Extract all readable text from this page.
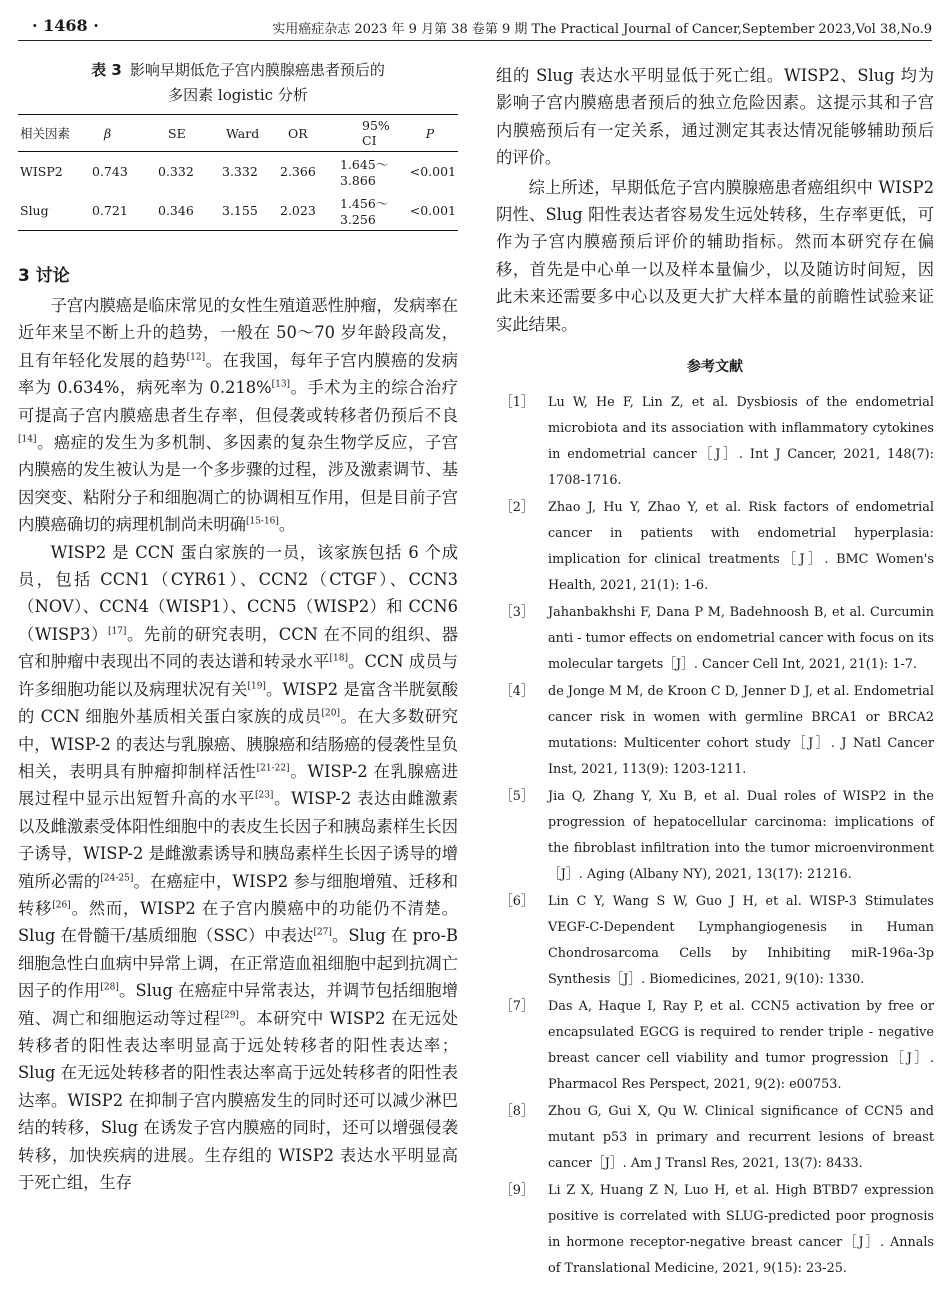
· 1468 ·	实用癌症杂志 2023 年 9 月第 38 卷第 9 期 The Practical Journal of Cancer,September 2023,Vol 38,No.9
表 3 影响早期低危子宫内膜腺癌患者预后的
多因素 logistic 分析
相关因素	β	SE	Ward	OR	95% CI	P
WISP2	0.743	0.332	3.332	2.366	1.645～3.866	<0.001
Slug	0.721	0.346	3.155	2.023	1.456～3.256	<0.001
3 讨论

子宫内膜癌是临床常见的女性生殖道恶性肿瘤，发病率在近年来呈不断上升的趋势，一般在 50～70 岁年龄段高发，且有年轻化发展的趋势[12]。在我国，每年子宫内膜癌的发病率为 0.634%，病死率为 0.218%[13]。手术为主的综合治疗可提高子宫内膜癌患者生存率，但侵袭或转移者仍预后不良[14]。癌症的发生为多机制、多因素的复杂生物学反应，子宫内膜癌的发生被认为是一个多步骤的过程，涉及激素调节、基因突变、粘附分子和细胞凋亡的协调相互作用，但是目前子宫内膜癌确切的病理机制尚未明确[15-16]。

WISP2 是 CCN 蛋白家族的一员，该家族包括 6 个成员，包括 CCN1（CYR61）、CCN2（CTGF）、CCN3（NOV）、CCN4（WISP1）、CCN5（WISP2）和 CCN6（WISP3）[17]。先前的研究表明，CCN 在不同的组织、器官和肿瘤中表现出不同的表达谱和转录水平[18]。CCN 成员与许多细胞功能以及病理状况有关[19]。WISP2 是富含半胱氨酸的 CCN 细胞外基质相关蛋白家族的成员[20]。在大多数研究中，WISP-2 的表达与乳腺癌、胰腺癌和结肠癌的侵袭性呈负相关，表明具有肿瘤抑制样活性[21-22]。WISP-2 在乳腺癌进展过程中显示出短暂升高的水平[23]。WISP-2 表达由雌激素以及雌激素受体阳性细胞中的表皮生长因子和胰岛素样生长因子诱导，WISP-2 是雌激素诱导和胰岛素样生长因子诱导的增殖所必需的[24-25]。在癌症中，WISP2 参与细胞增殖、迁移和转移[26]。然而，WISP2 在子宫内膜癌中的功能仍不清楚。Slug 在骨髓干/基质细胞（SSC）中表达[27]。Slug 在 pro-B 细胞急性白血病中异常上调，在正常造血祖细胞中起到抗凋亡因子的作用[28]。Slug 在癌症中异常表达，并调节包括细胞增殖、凋亡和细胞运动等过程[29]。本研究中 WISP2 在无远处转移者的阳性表达率明显高于远处转移者的阳性表达率；Slug 在无远处转移者的阳性表达率高于远处转移者的阳性表达率。WISP2 在抑制子宫内膜癌发生的同时还可以减少淋巴结的转移，Slug 在诱发子宫内膜癌的同时，还可以增强侵袭转移，加快疾病的进展。生存组的 WISP2 表达水平明显高于死亡组，生存

组的 Slug 表达水平明显低于死亡组。WISP2、Slug 均为影响子宫内膜癌患者预后的独立危险因素。这提示其和子宫内膜癌预后有一定关系，通过测定其表达情况能够辅助预后的评价。

综上所述，早期低危子宫内膜腺癌患者癌组织中 WISP2 阴性、Slug 阳性表达者容易发生远处转移，生存率更低，可作为子宫内膜癌预后评价的辅助指标。然而本研究存在偏移，首先是中心单一以及样本量偏少，以及随访时间短，因此未来还需要多中心以及更大扩大样本量的前瞻性试验来证实此结果。

参考文献
［1］ Lu W, He F, Lin Z, et al. Dysbiosis of the endometrial microbiota and its association with inflammatory cytokines in endometrial cancer［J］. Int J Cancer, 2021, 148(7): 1708-1716.
［2］ Zhao J, Hu Y, Zhao Y, et al. Risk factors of endometrial cancer in patients with endometrial hyperplasia: implication for clinical treatments［J］. BMC Women's Health, 2021, 21(1): 1-6.
［3］ Jahanbakhshi F, Dana P M, Badehnoosh B, et al. Curcumin anti - tumor effects on endometrial cancer with focus on its molecular targets［J］. Cancer Cell Int, 2021, 21(1): 1-7.
［4］ de Jonge M M, de Kroon C D, Jenner D J, et al. Endometrial cancer risk in women with germline BRCA1 or BRCA2 mutations: Multicenter cohort study［J］. J Natl Cancer Inst, 2021, 113(9): 1203-1211.
［5］ Jia Q, Zhang Y, Xu B, et al. Dual roles of WISP2 in the progression of hepatocellular carcinoma: implications of the fibroblast infiltration into the tumor microenvironment［J］. Aging (Albany NY), 2021, 13(17): 21216.
［6］ Lin C Y, Wang S W, Guo J H, et al. WISP-3 Stimulates VEGF-C-Dependent Lymphangiogenesis in Human Chondrosarcoma Cells by Inhibiting miR-196a-3p Synthesis［J］. Biomedicines, 2021, 9(10): 1330.
［7］ Das A, Haque I, Ray P, et al. CCN5 activation by free or encapsulated EGCG is required to render triple - negative breast cancer cell viability and tumor progression［J］. Pharmacol Res Perspect, 2021, 9(2): e00753.
［8］ Zhou G, Gui X, Qu W. Clinical significance of CCN5 and mutant p53 in primary and recurrent lesions of breast cancer［J］. Am J Transl Res, 2021, 13(7): 8433.
［9］ Li Z X, Huang Z N, Luo H, et al. High BTBD7 expression positive is correlated with SLUG-predicted poor prognosis in hormone receptor-negative breast cancer［J］. Annals of Translational Medicine, 2021, 9(15): 23-25.
